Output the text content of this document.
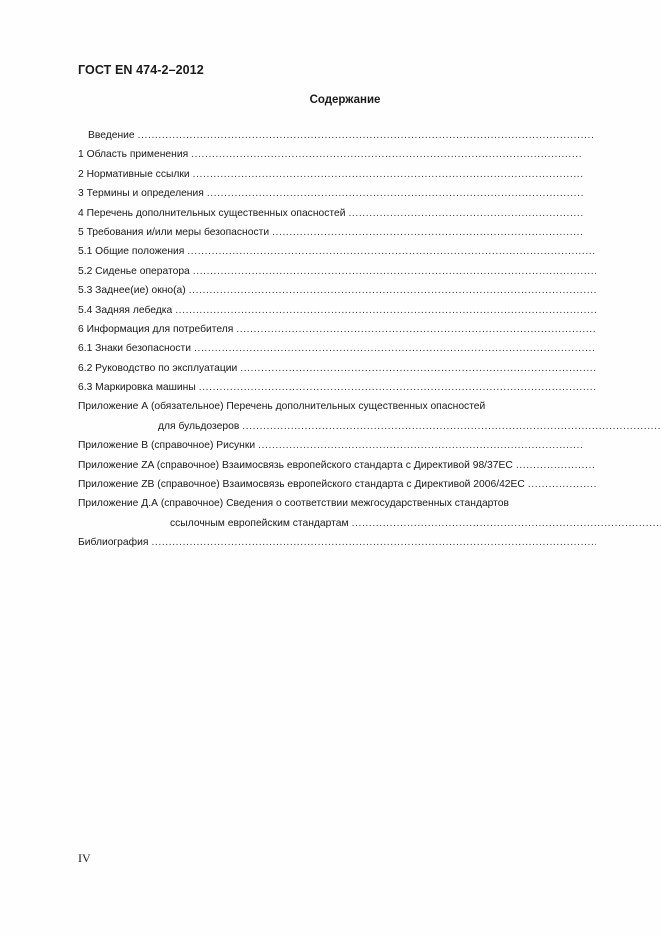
ГОСТ EN 474-2–2012
Содержание
Введение
.....
1 Область применения
.....
2 Нормативные ссылки
.....
3 Термины и определения
.....
4 Перечень дополнительных существенных опасностей
.....
5 Требования и/или меры безопасности
.....
5.1 Общие положения
.....
5.2 Сиденье оператора
.....
5.3 Заднее(ие) окно(а)
.....
5.4 Задняя лебедка
.....
6 Информация для потребителя
.....
6.1 Знаки безопасности
.....
6.2 Руководство по эксплуатации
.....
6.3 Маркировка машины
.....
Приложение А (обязательное) Перечень дополнительных существенных опасностей
для бульдозеров
.....
Приложение В (справочное) Рисунки
.....
Приложение ZA (справочное) Взаимосвязь европейского стандарта с Директивой 98/37ЕС
.....
Приложение ZB (справочное) Взаимосвязь европейского стандарта с Директивой 2006/42ЕС
.....
Приложение Д.А (справочное) Сведения о соответствии межгосударственных стандартов
ссылочным европейским стандартам
.....
Библиография
.....
IV
